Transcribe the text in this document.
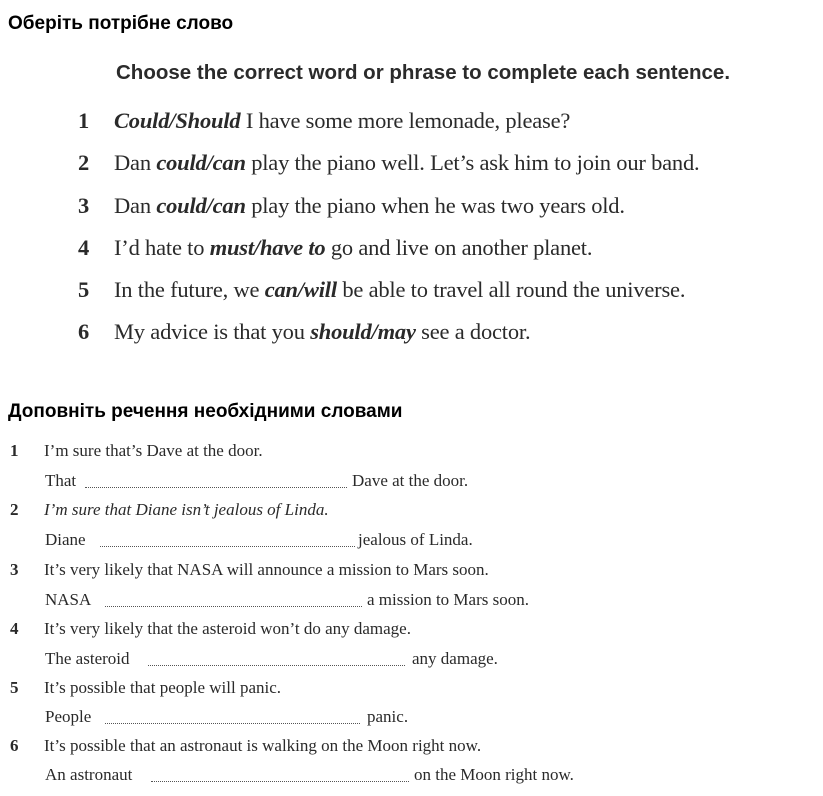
Оберіть потрібне слово
Choose the correct word or phrase to complete each sentence.
1 Could/Should I have some more lemonade, please?
2 Dan could/can play the piano well. Let’s ask him to join our band.
3 Dan could/can play the piano when he was two years old.
4 I’d hate to must/have to go and live on another planet.
5 In the future, we can/will be able to travel all round the universe.
6 My advice is that you should/may see a doctor.
Доповніть речення необхідними словами
1 I’m sure that’s Dave at the door.
That	Dave at the door.
2 I’m sure that Diane isn’t jealous of Linda.
Diane	jealous of Linda.
3 It’s very likely that NASA will announce a mission to Mars soon.
NASA	a mission to Mars soon.
4 It’s very likely that the asteroid won’t do any damage.
The asteroid	any damage.
5 It’s possible that people will panic.
People	panic.
6 It’s possible that an astronaut is walking on the Moon right now.
An astronaut	on the Moon right now.
